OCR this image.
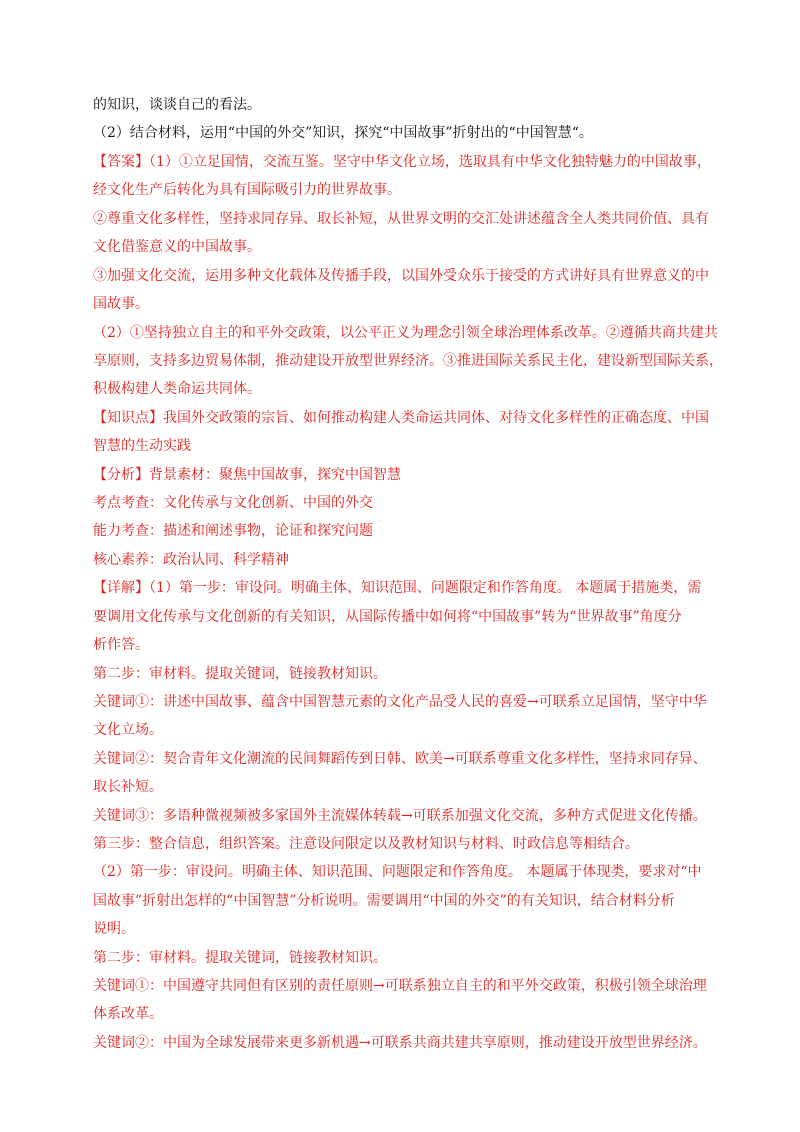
的知识，谈谈自己的看法。
（2）结合材料，运用“中国的外交”知识，探究“中国故事”折射出的“中国智慧“。
【答案】（1）①立足国情，交流互鉴。坚守中华文化立场，选取具有中华文化独特魅力的中国故事，
经文化生产后转化为具有国际吸引力的世界故事。
②尊重文化多样性，坚持求同存异、取长补短，从世界文明的交汇处讲述蕴含全人类共同价值、具有
文化借鉴意义的中国故事。
③加强文化交流，运用多种文化载体及传播手段，以国外受众乐于接受的方式讲好具有世界意义的中
国故事。
（2）①坚持独立自主的和平外交政策，以公平正义为理念引领全球治理体系改革。②遵循共商共建共
享原则，支持多边贸易体制，推动建设开放型世界经济。③推进国际关系民主化，建设新型国际关系，
积极构建人类命运共同体。
【知识点】我国外交政策的宗旨、如何推动构建人类命运共同体、对待文化多样性的正确态度、中国
智慧的生动实践
【分析】背景素材：聚焦中国故事，探究中国智慧
考点考查：文化传承与文化创新、中国的外交
能力考查：描述和阐述事物，论证和探究问题
核心素养：政治认同、科学精神
【详解】（1）第一步：审设问。明确主体、知识范围、问题限定和作答角度。 本题属于措施类，需
要调用文化传承与文化创新的有关知识，从国际传播中如何将“中国故事”转为“世界故事”角度分
析作答。
第二步：审材料。提取关键词，链接教材知识。
关键词①：讲述中国故事、蕴含中国智慧元素的文化产品受人民的喜爱→可联系立足国情，坚守中华
文化立场。
关键词②：契合青年文化潮流的民间舞蹈传到日韩、欧美→可联系尊重文化多样性，坚持求同存异、
取长补短。
关键词③：多语种微视频被多家国外主流媒体转载→可联系加强文化交流，多种方式促进文化传播。
第三步：整合信息，组织答案。注意设问限定以及教材知识与材料、时政信息等相结合。
（2）第一步：审设问。明确主体、知识范围、问题限定和作答角度。 本题属于体现类，要求对“中
国故事”折射出怎样的“中国智慧”分析说明。需要调用“中国的外交”的有关知识，结合材料分析
说明。
第二步：审材料。提取关键词，链接教材知识。
关键词①：中国遵守共同但有区别的责任原则→可联系独立自主的和平外交政策，积极引领全球治理
体系改革。
关键词②：中国为全球发展带来更多新机遇→可联系共商共建共享原则，推动建设开放型世界经济。
